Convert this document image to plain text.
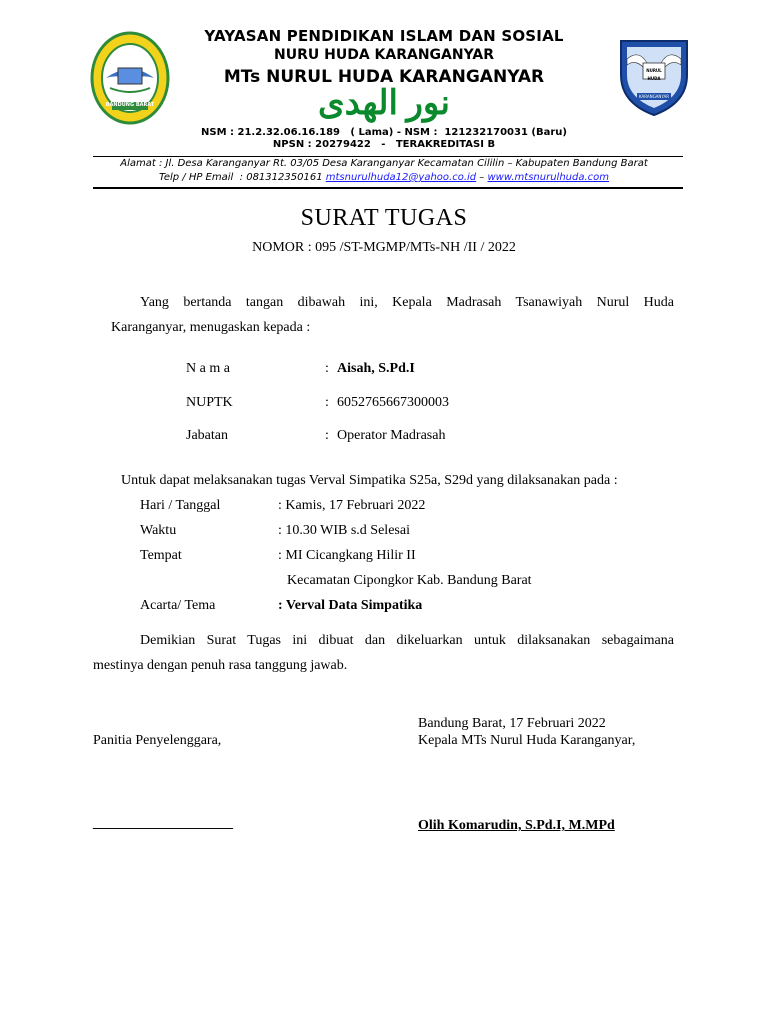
BANDUNG BARAT
NURUL HUDA
KARANGANYAR
YAYASAN PENDIDIKAN ISLAM DAN SOSIAL
NURU HUDA KARANGANYAR
MTs NURUL HUDA KARANGANYAR
نور الهدى
NSM : 21.2.32.06.16.189   ( Lama) - NSM :  121232170031 (Baru)
NPSN : 20279422   -   TERAKREDITASI B
Alamat : Jl. Desa Karanganyar Rt. 03/05 Desa Karanganyar Kecamatan Cililin – Kabupaten Bandung Barat
Telp / HP Email  : 081312350161 mtsnurulhuda12@yahoo.co.id – www.mtsnurulhuda.com
SURAT TUGAS
NOMOR : 095 /ST-MGMP/MTs-NH /II / 2022
Yang bertanda tangan dibawah ini, Kepala Madrasah Tsanawiyah Nurul Huda
Karanganyar, menugaskan kepada :
N a m a	: Aisah, S.Pd.I
NUPTK	: 6052765667300003
Jabatan	: Operator Madrasah
Untuk dapat melaksanakan tugas Verval Simpatika S25a, S29d yang dilaksanakan pada :
Hari / Tanggal	: Kamis, 17 Februari 2022
Waktu	: 10.30 WIB s.d Selesai
Tempat	: MI Cicangkang Hilir II
Kecamatan Cipongkor Kab. Bandung Barat
Acarta/ Tema	: Verval Data Simpatika
Demikian Surat Tugas ini dibuat dan dikeluarkan untuk dilaksanakan sebagaimana
mestinya dengan penuh rasa tanggung jawab.
Bandung Barat, 17 Februari 2022
Panitia Penyelenggara,	Kepala MTs Nurul Huda Karanganyar,
____________________	Olih Komarudin, S.Pd.I, M.MPd
